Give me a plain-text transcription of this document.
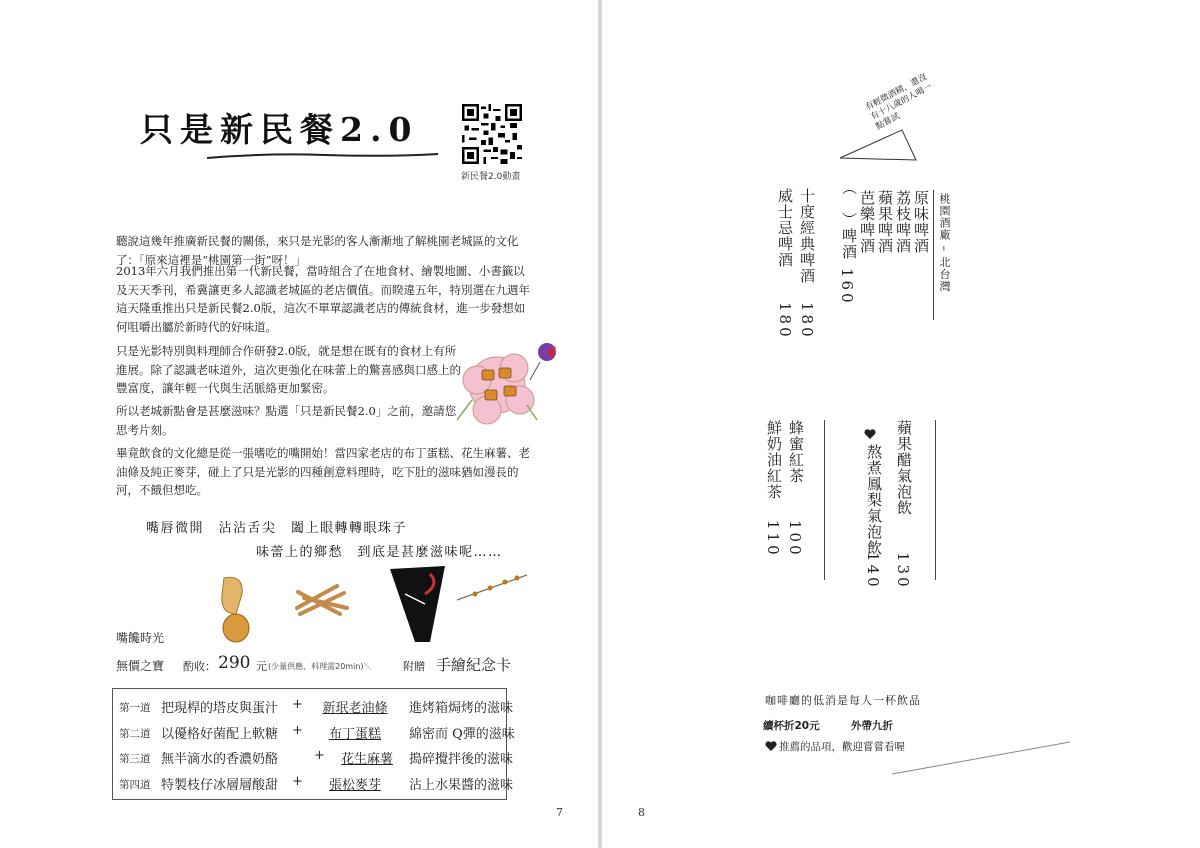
只是新民餐2.0
新民餐2.0動畫

聽說這幾年推廣新民餐的關係，來只是光影的客人漸漸地了解桃園老城區的文化了：「原來這裡是“桃園第一街”呀！」

2013年六月我們推出第一代新民餐，當時組合了在地食材、繪製地圖、小書籤以及天天季刊，希冀讓更多人認識老城區的老店價值。而睽違五年，特別選在九週年這天隆重推出只是新民餐2.0版，這次不單單認識老店的傳統食材，進一步發想如何咀嚼出屬於新時代的好味道。

只是光影特別與料理師合作研發2.0版，就是想在既有的食材上有所進展。除了認識老味道外，這次更強化在味蕾上的驚喜感與口感上的豐富度，讓年輕一代與生活脈絡更加緊密。

所以老城新點會是甚麼滋味？點選「只是新民餐2.0」之前，邀請您思考片刻。

畢竟飲食的文化總是從一張嗜吃的嘴開始！當四家老店的布丁蛋糕、花生麻薯、老油條及純正麥芽，碰上了只是光影的四種創意料理時，吃下肚的滋味猶如漫長的河，不餓但想吃。

嘴唇微開　沾沾舌尖　闔上眼轉轉眼珠子
味蕾上的鄉愁　到底是甚麼滋味呢……
嘴饞時光
無價之寶 酌收： 290 元 (少量供應、料理需20min)＼	附贈 手繪紀念卡
第一道 把現桿的塔皮與蛋汁 +	新珉老油條	進烤箱焗烤的滋味
第二道 以優格好菌配上軟糖 +	布丁蛋糕	綿密而 Q彈的滋味
第三道 無半滴水的香濃奶酪	+	花生麻薯	搗碎攪拌後的滋味
第四道 特製枝仔冰層層酸甜 +	張松麥芽	沾上水果醬的滋味
7
有輕微酒精，還沒有十八歲的人喝一點嘗試
桃園酒廠 – 北台灣
原味啤酒
荔枝啤酒
蘋果啤酒
芭樂啤酒
160
（　）啤酒
十度經典啤酒
180
威士忌啤酒
180
蘋果醋氣泡飲
130
熬煮鳳梨氣泡飲
140
蜂蜜紅茶
100
鮮奶油紅茶
110
咖啡廳的低消是每人一杯飲品
續杯折20元	外帶九折
推薦的品項，歡迎嘗嘗看喔
8
